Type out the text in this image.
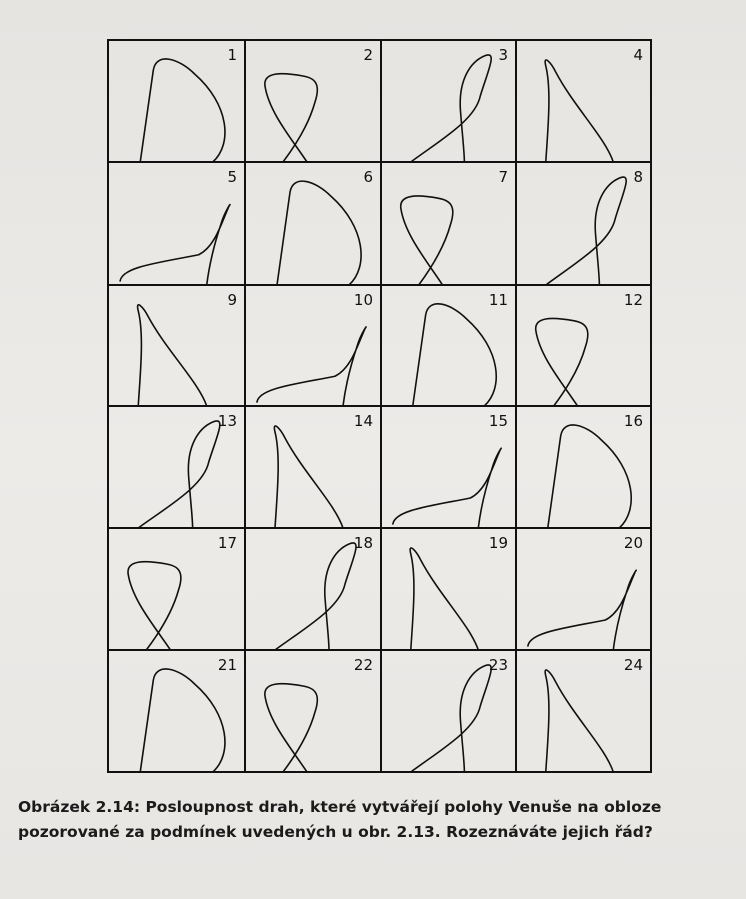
1	2	3	4
5	6	7	8
9	10	11	12
13	14	15	16
17	18	19	20
21	22	23	24
Obrázek 2.14: Posloupnost drah, které vytvářejí polohy Venuše na obloze
pozorované za podmínek uvedených u obr. 2.13. Rozeznáváte jejich řád?
